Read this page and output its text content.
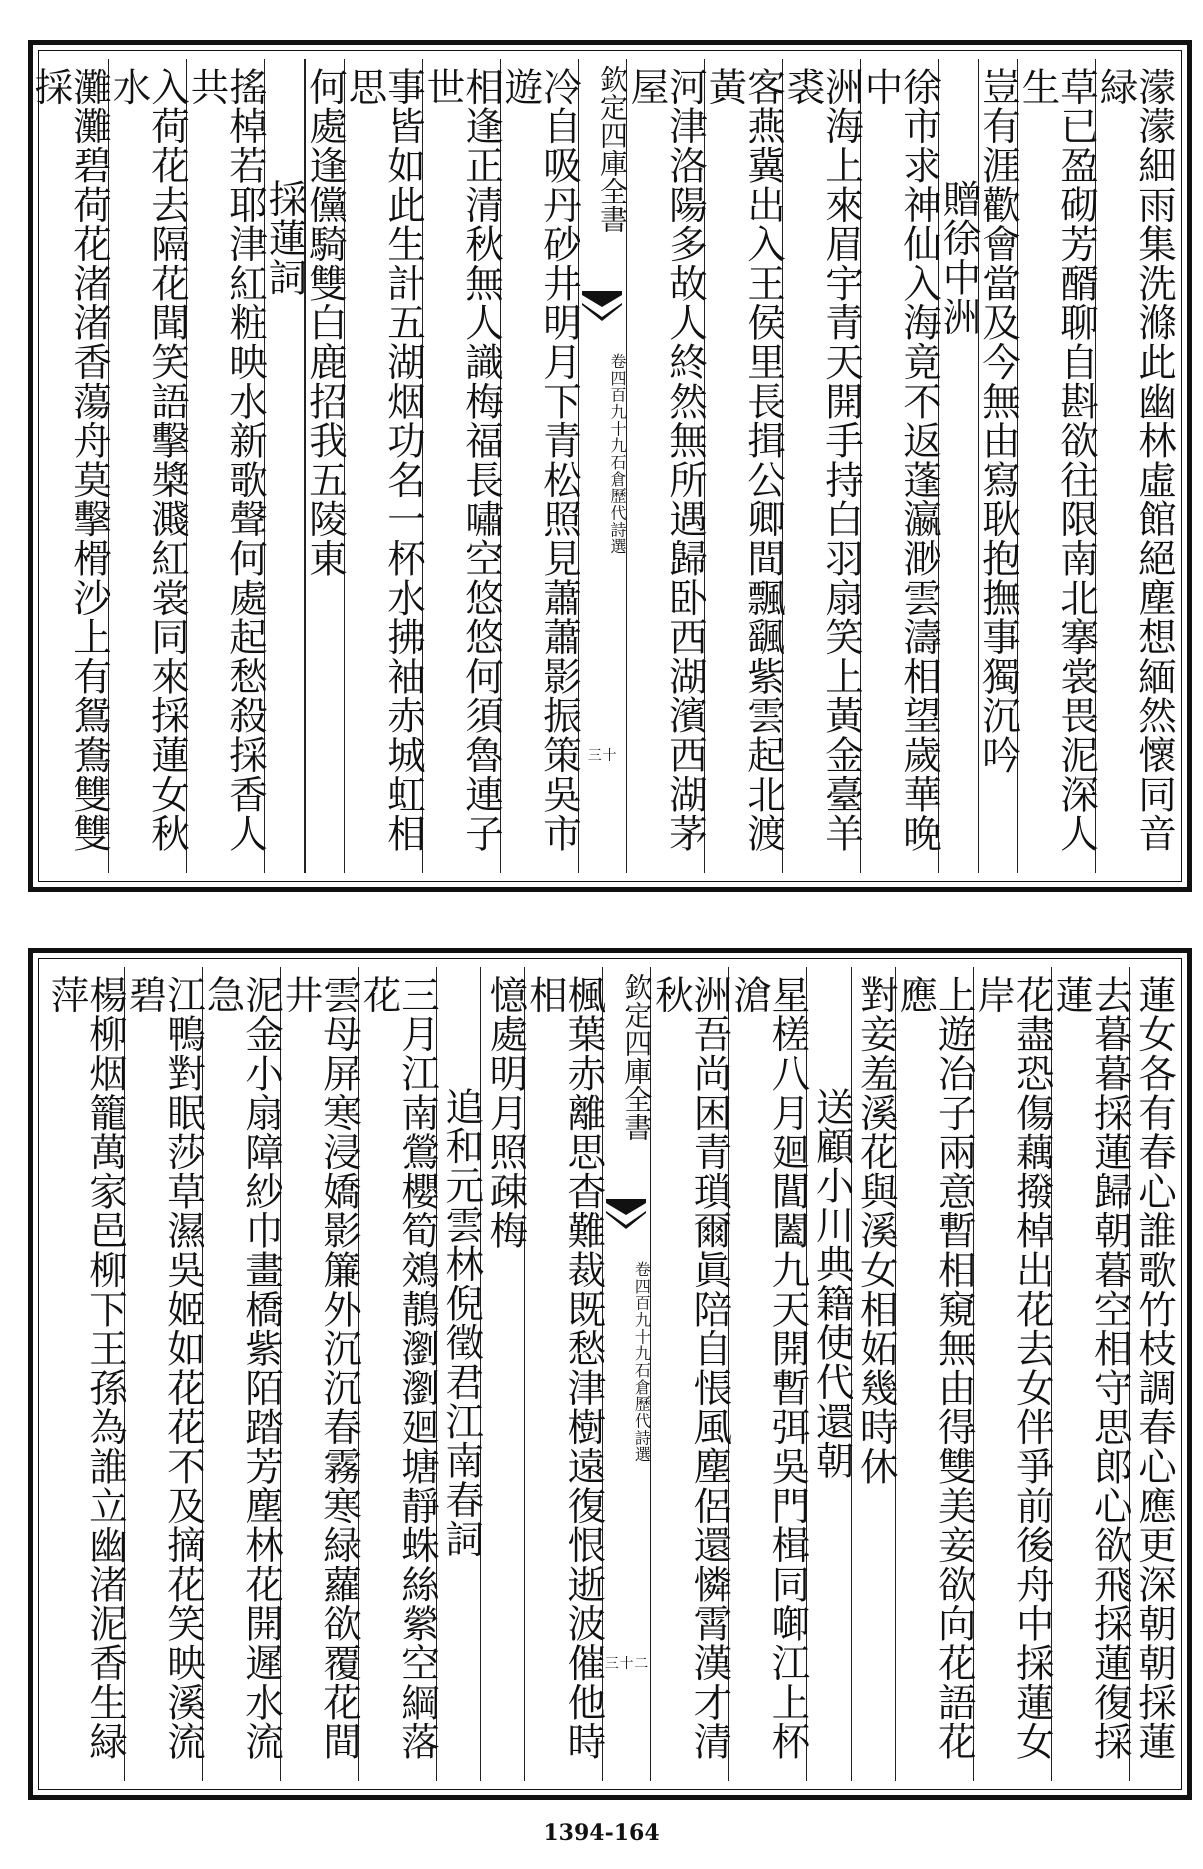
濛濛細雨集洗滌此幽林虛館絕塵想緬然懷同音緑
草已盈砌芳醑聊自斟欲往限南北搴裳畏泥深人生
豈有涯歡會當及今無由寫耿抱撫事獨沉吟
贈徐中洲
徐市求神仙入海竟不返蓬瀛渺雲濤相望歲華晚中
洲海上來眉宇青天開手持白羽扇笑上黃金臺羊裘
客燕冀出入王侯里長揖公卿間飄颻紫雲起北渡黃
河津洛陽多故人終然無所遇歸卧西湖濱西湖茅屋
欽定四庫全書
石倉歷代詩選
卷四百九十九
三十
冷自吸丹砂井明月下青松照見蕭蕭影振策吳市遊
相逢正清秋無人識梅福長嘯空悠悠何須魯連子世
事皆如此生計五湖烟功名一杯水拂袖赤城虹相思
何處逢儻騎雙白鹿招我五陵東
採蓮詞
搖棹若耶津紅粧映水新歌聲何處起愁殺採香人共
入荷花去隔花聞笑語擊槳濺紅裳同來採蓮女秋水
灘灘碧荷花渚渚香蕩舟莫擊榾沙上有鴛鴦雙雙採
蓮女各有春心誰歌竹枝調春心應更深朝朝採蓮
去暮暮採蓮歸朝暮空相守思郎心欲飛採蓮復採蓮
花盡恐傷藕撥棹出花去女伴爭前後舟中採蓮女岸
上遊冶子兩意暫相窺無由得雙美妾欲向花語花應
對妾羞溪花與溪女相妬幾時休
送顧小川典籍使代還朝
星槎八月廻閶闔九天開暫弭吳門楫同啣江上杯滄
洲吾尚困青瑣爾眞陪自悵風塵侶還憐霄漢才清秋
欽定四庫全書
石倉歷代詩選
卷四百九十九
三十二
楓葉赤離思杳難裁既愁津樹遠復恨逝波催他時相
憶處明月照疎梅
追和元雲林倪徵君江南春詞
三月江南鶯櫻筍鵁鶄瀏瀏廻塘靜蛛絲縈空綱落花
雲母屏寒浸嬌影簾外沉沉春霧寒緑蘿欲覆花間井
泥金小扇障紗巾畫橋紫陌踏芳塵林花開遲水流急
江鴨對眠莎草濕吳姬如花花不及摘花笑映溪流碧
楊柳烟籠萬家邑柳下王孫為誰立幽渚泥香生緑萍
1394-164
